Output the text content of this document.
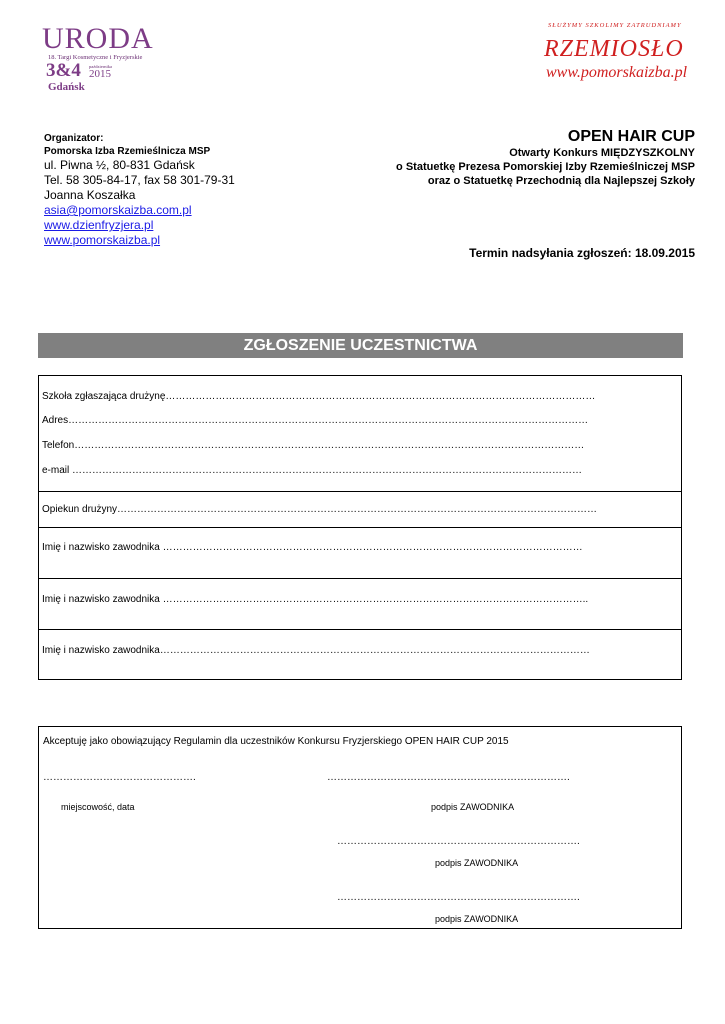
URODA
18. Targi Kosmetyczne i Fryzjerskie
3&4 października
2015
Gdańsk
SŁUŻYMY SZKOLIMY ZATRUDNIAMY
RZEMIOSŁO
www.pomorskaizba.pl
Organizator:
Pomorska Izba Rzemieślnicza MSP
ul. Piwna ½, 80-831 Gdańsk
Tel. 58 305-84-17, fax 58 301-79-31
Joanna Koszałka
asia@pomorskaizba.com.pl
www.dzienfryzjera.pl
www.pomorskaizba.pl
OPEN HAIR CUP
Otwarty Konkurs MIĘDZYSZKOLNY
o Statuetkę Prezesa Pomorskiej Izby Rzemieślniczej MSP
oraz o Statuetkę Przechodnią dla Najlepszej Szkoły
Termin nadsyłania zgłoszeń: 18.09.2015
ZGŁOSZENIE UCZESTNICTWA
Szkoła zgłaszająca drużynę…………………………………………………………………………………………………………………
Adres…………………………………………………………………………………………………………………………………………
Telefon………………………………………………………………………………………………………………………………………
e-mail ………………………………………………………………………………………………………………………………………
Opiekun drużyny………………………………………………………………………………………………………………………………
Imię i nazwisko zawodnika ………………………………………………………………………………………………………………
Imię i nazwisko zawodnika ………………………………………………………………………………………………………………..
Imię i nazwisko zawodnika…………………………………………………………………………………………………………………
Akceptuję jako obowiązujący Regulamin dla uczestników Konkursu Fryzjerskiego OPEN HAIR CUP 2015
……………………………………….	……………………………………………………………….
miejscowość, data	podpis ZAWODNIKA
……………………………………………………………….
podpis ZAWODNIKA
……………………………………………………………….
podpis ZAWODNIKA
